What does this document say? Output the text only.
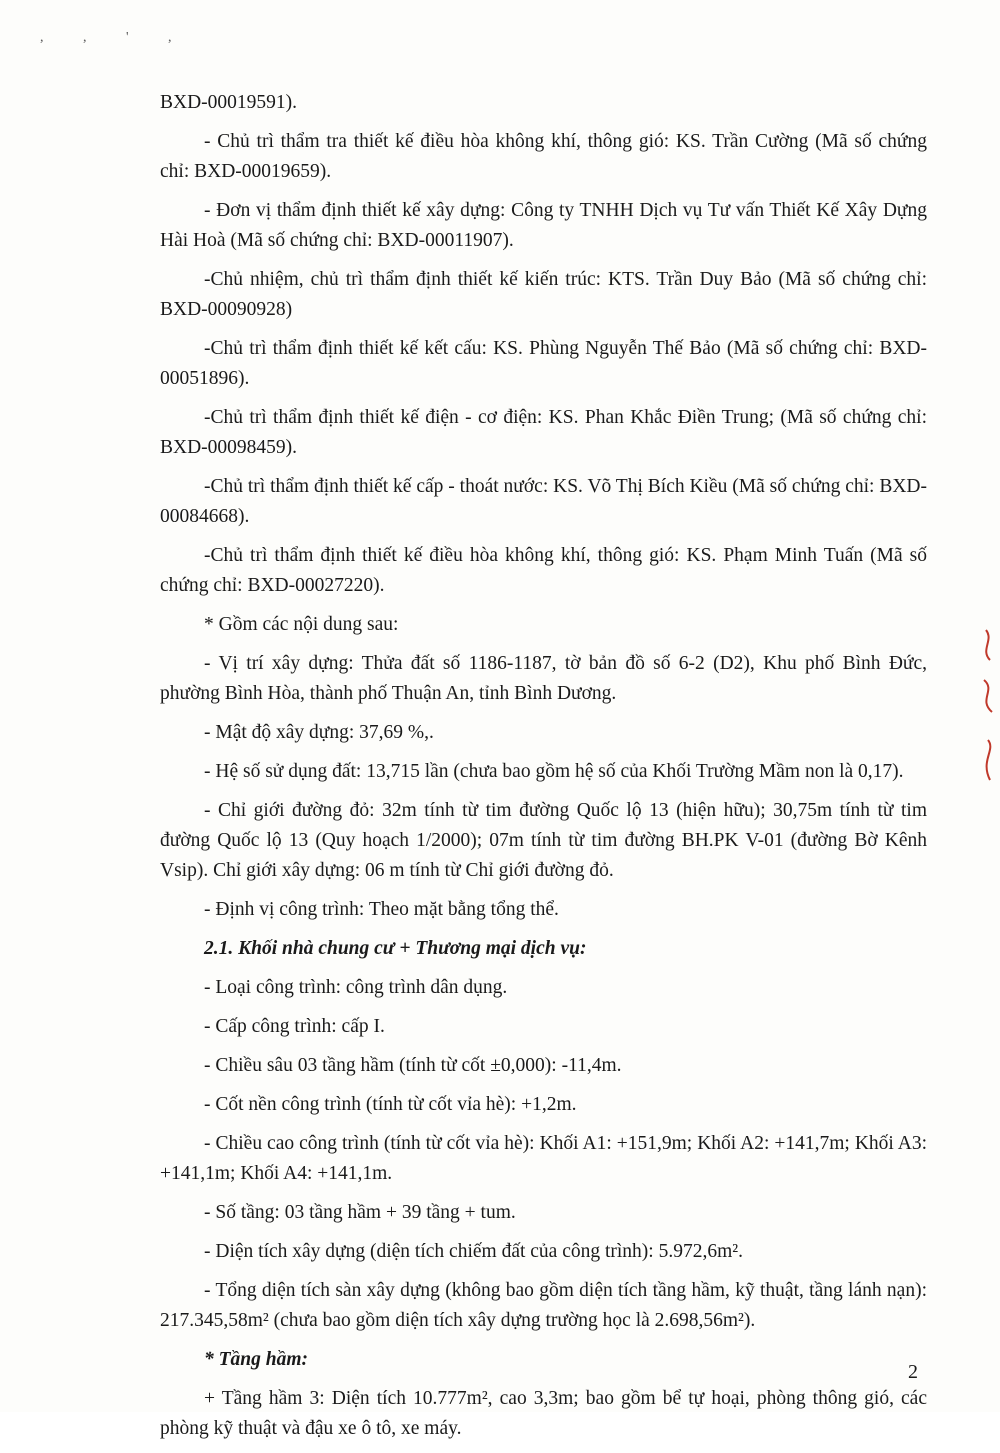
, , ' ,

BXD-00019591).

- Chủ trì thẩm tra thiết kế điều hòa không khí, thông gió: KS. Trần Cường (Mã số chứng chỉ: BXD-00019659).

- Đơn vị thẩm định thiết kế xây dựng: Công ty TNHH Dịch vụ Tư vấn Thiết Kế Xây Dựng Hài Hoà (Mã số chứng chỉ: BXD-00011907).

-Chủ nhiệm, chủ trì thẩm định thiết kế kiến trúc: KTS. Trần Duy Bảo (Mã số chứng chỉ: BXD-00090928)

-Chủ trì thẩm định thiết kế kết cấu: KS. Phùng Nguyễn Thế Bảo (Mã số chứng chỉ: BXD-00051896).

-Chủ trì thẩm định thiết kế điện - cơ điện: KS. Phan Khắc Điền Trung; (Mã số chứng chỉ: BXD-00098459).

-Chủ trì thẩm định thiết kế cấp - thoát nước: KS. Võ Thị Bích Kiều (Mã số chứng chỉ: BXD-00084668).

-Chủ trì thẩm định thiết kế điều hòa không khí, thông gió: KS. Phạm Minh Tuấn (Mã số chứng chỉ: BXD-00027220).

* Gồm các nội dung sau:

- Vị trí xây dựng: Thửa đất số 1186-1187, tờ bản đồ số 6-2 (D2), Khu phố Bình Đức, phường Bình Hòa, thành phố Thuận An, tỉnh Bình Dương.

- Mật độ xây dựng: 37,69 %,.

- Hệ số sử dụng đất: 13,715 lần (chưa bao gồm hệ số của Khối Trường Mầm non là 0,17).

- Chỉ giới đường đỏ: 32m tính từ tim đường Quốc lộ 13 (hiện hữu); 30,75m tính từ tim đường Quốc lộ 13 (Quy hoạch 1/2000); 07m tính từ tim đường BH.PK V-01 (đường Bờ Kênh Vsip). Chỉ giới xây dựng: 06 m tính từ Chỉ giới đường đỏ.

- Định vị công trình: Theo mặt bằng tổng thể.

2.1. Khối nhà chung cư + Thương mại dịch vụ:

- Loại công trình: công trình dân dụng.

- Cấp công trình: cấp I.

- Chiều sâu 03 tầng hầm (tính từ cốt ±0,000): -11,4m.

- Cốt nền công trình (tính từ cốt vỉa hè): +1,2m.

- Chiều cao công trình (tính từ cốt vỉa hè): Khối A1: +151,9m; Khối A2: +141,7m; Khối A3: +141,1m; Khối A4: +141,1m.

- Số tầng: 03 tầng hầm + 39 tầng + tum.

- Diện tích xây dựng (diện tích chiếm đất của công trình): 5.972,6m².

- Tổng diện tích sàn xây dựng (không bao gồm diện tích tầng hầm, kỹ thuật, tầng lánh nạn): 217.345,58m² (chưa bao gồm diện tích xây dựng trường học là 2.698,56m²).

* Tầng hầm:

+ Tầng hầm 3: Diện tích 10.777m², cao 3,3m; bao gồm bể tự hoại, phòng thông gió, các phòng kỹ thuật và đậu xe ô tô, xe máy.

2
